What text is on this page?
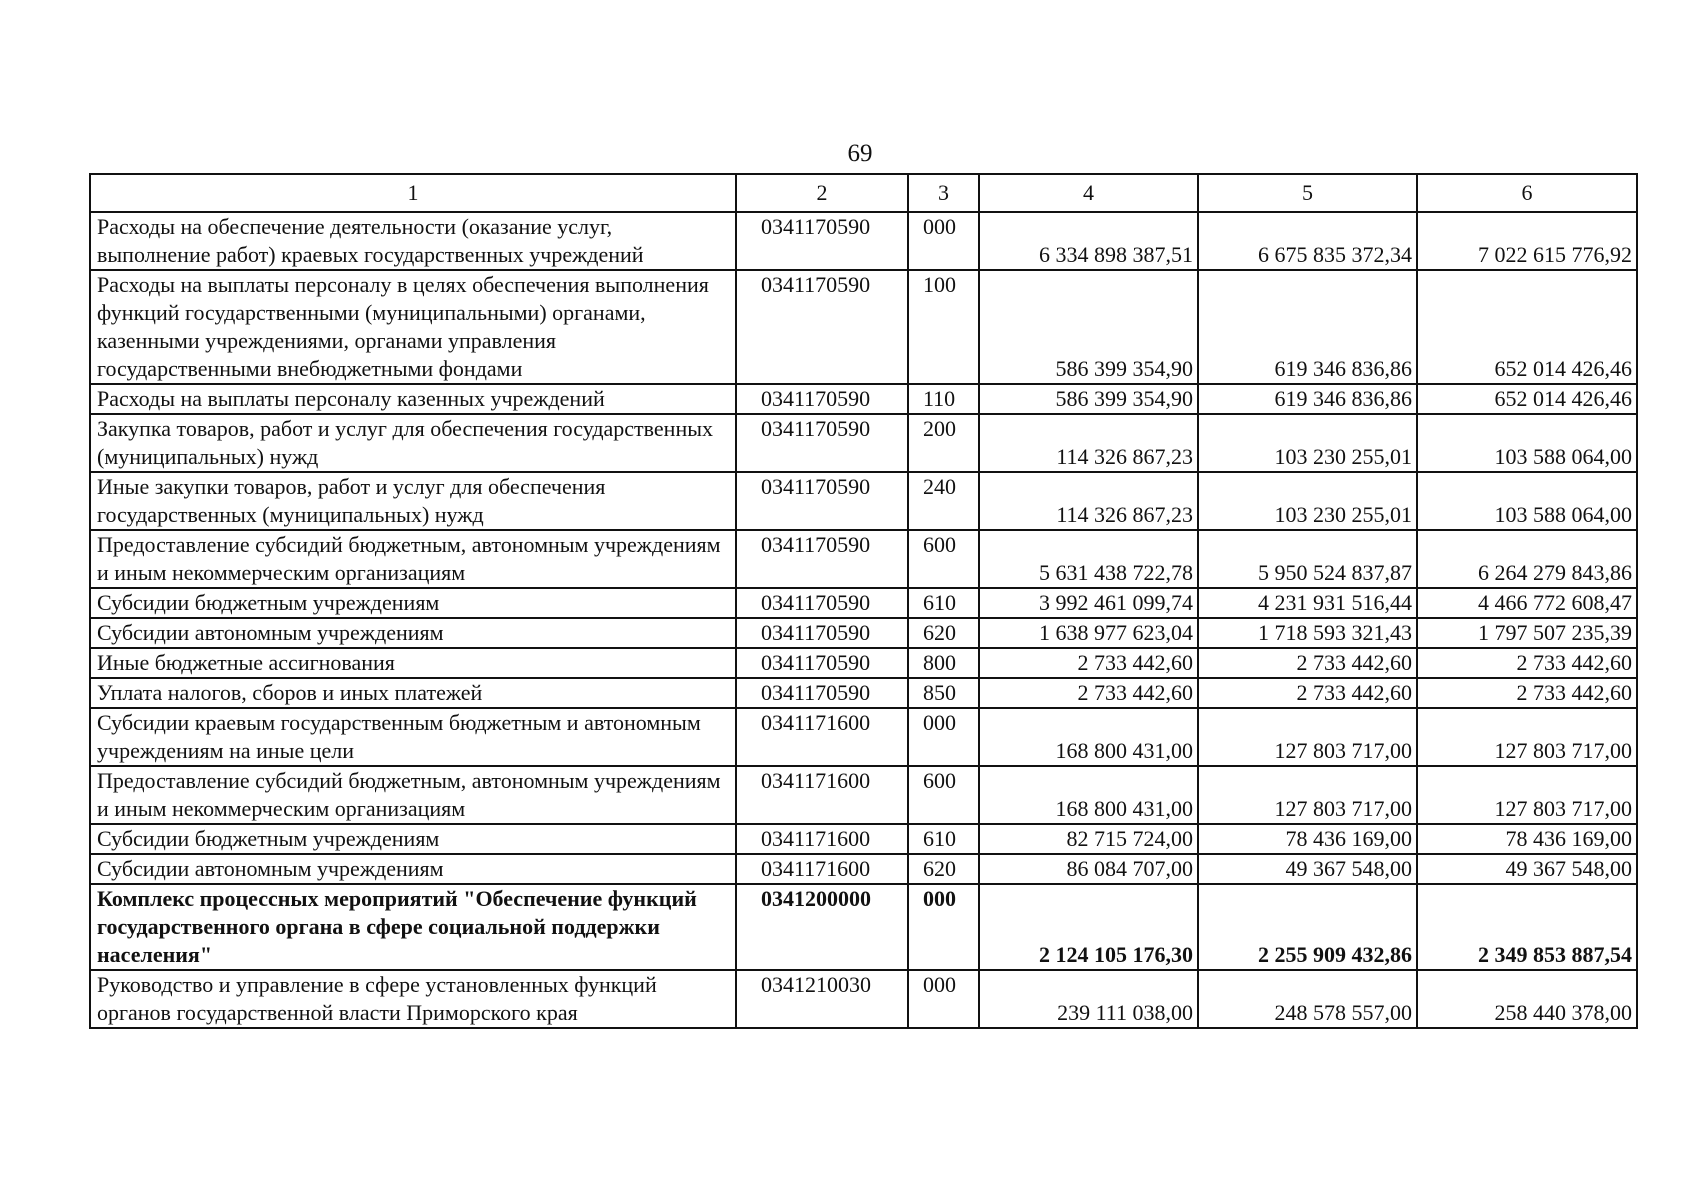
69
1	2	3	4	5	6
Расходы на обеспечение деятельности (оказание услуг, выполнение работ) краевых государственных учреждений	0341170590	000	6 334 898 387,51	6 675 835 372,34	7 022 615 776,92
Расходы на выплаты персоналу в целях обеспечения выполнения функций государственными (муниципальными) органами, казенными учреждениями, органами управления государственными внебюджетными фондами	0341170590	100	586 399 354,90	619 346 836,86	652 014 426,46
Расходы на выплаты персоналу казенных учреждений	0341170590	110	586 399 354,90	619 346 836,86	652 014 426,46
Закупка товаров, работ и услуг для обеспечения государственных (муниципальных) нужд	0341170590	200	114 326 867,23	103 230 255,01	103 588 064,00
Иные закупки товаров, работ и услуг для обеспечения государственных (муниципальных) нужд	0341170590	240	114 326 867,23	103 230 255,01	103 588 064,00
Предоставление субсидий бюджетным, автономным учреждениям и иным некоммерческим организациям	0341170590	600	5 631 438 722,78	5 950 524 837,87	6 264 279 843,86
Субсидии бюджетным учреждениям	0341170590	610	3 992 461 099,74	4 231 931 516,44	4 466 772 608,47
Субсидии автономным учреждениям	0341170590	620	1 638 977 623,04	1 718 593 321,43	1 797 507 235,39
Иные бюджетные ассигнования	0341170590	800	2 733 442,60	2 733 442,60	2 733 442,60
Уплата налогов, сборов и иных платежей	0341170590	850	2 733 442,60	2 733 442,60	2 733 442,60
Субсидии краевым государственным бюджетным и автономным учреждениям на иные цели	0341171600	000	168 800 431,00	127 803 717,00	127 803 717,00
Предоставление субсидий бюджетным, автономным учреждениям и иным некоммерческим организациям	0341171600	600	168 800 431,00	127 803 717,00	127 803 717,00
Субсидии бюджетным учреждениям	0341171600	610	82 715 724,00	78 436 169,00	78 436 169,00
Субсидии автономным учреждениям	0341171600	620	86 084 707,00	49 367 548,00	49 367 548,00
Комплекс процессных мероприятий "Обеспечение функций государственного органа в сфере социальной поддержки населения"	0341200000	000	2 124 105 176,30	2 255 909 432,86	2 349 853 887,54
Руководство и управление в сфере установленных функций органов государственной власти Приморского края	0341210030	000	239 111 038,00	248 578 557,00	258 440 378,00
